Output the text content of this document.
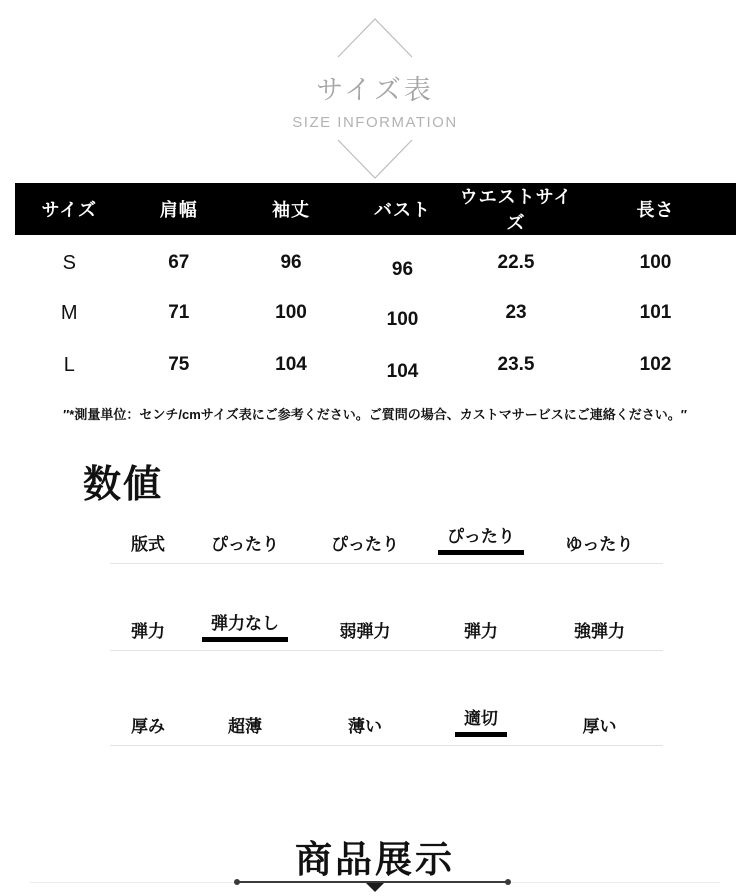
サイズ表
SIZE INFORMATION
サイズ	肩幅	袖丈	バスト	ウエストサイズ	長さ
S	67	96	96	22.5	100
M	71	100	100	23	101
L	75	104	104	23.5	102

″*測量単位：センチ/cmサイズ表にご参考ください。ご質問の場合、カストマサービスにご連絡ください。″

数値
版式	ぴったり	ぴったり	ぴったり	ゆったり
弾力	弾力なし	弱弾力	弾力	強弾力
厚み	超薄	薄い	適切	厚い
商品展示
